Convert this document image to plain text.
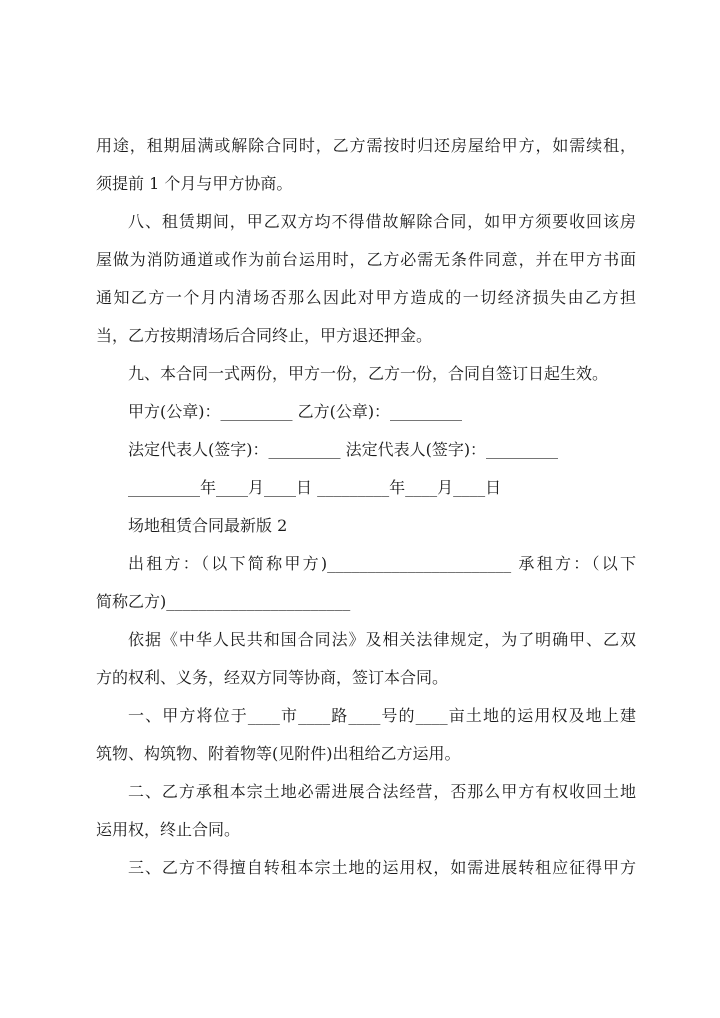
用途，租期届满或解除合同时，乙方需按时归还房屋给甲方，如需续租，
须提前 1 个月与甲方协商。
八、租赁期间，甲乙双方均不得借故解除合同，如甲方须要收回该房
屋做为消防通道或作为前台运用时，乙方必需无条件同意，并在甲方书面
通知乙方一个月内清场否那么因此对甲方造成的一切经济损失由乙方担
当，乙方按期清场后合同终止，甲方退还押金。
九、本合同一式两份，甲方一份，乙方一份，合同自签订日起生效。
甲方(公章)：_________ 乙方(公章)：_________
法定代表人(签字)：_________ 法定代表人(签字)：_________
_________年____月____日 _________年____月____日
场地租赁合同最新版 2
出租方：（以下简称甲方)_______________________ 承租方：（以下
简称乙方)_______________________
依据《中华人民共和国合同法》及相关法律规定，为了明确甲、乙双
方的权利、义务，经双方同等协商，签订本合同。
一、甲方将位于____市____路____号的____亩土地的运用权及地上建
筑物、构筑物、附着物等(见附件)出租给乙方运用。
二、乙方承租本宗土地必需进展合法经营，否那么甲方有权收回土地
运用权，终止合同。
三、乙方不得擅自转租本宗土地的运用权，如需进展转租应征得甲方
